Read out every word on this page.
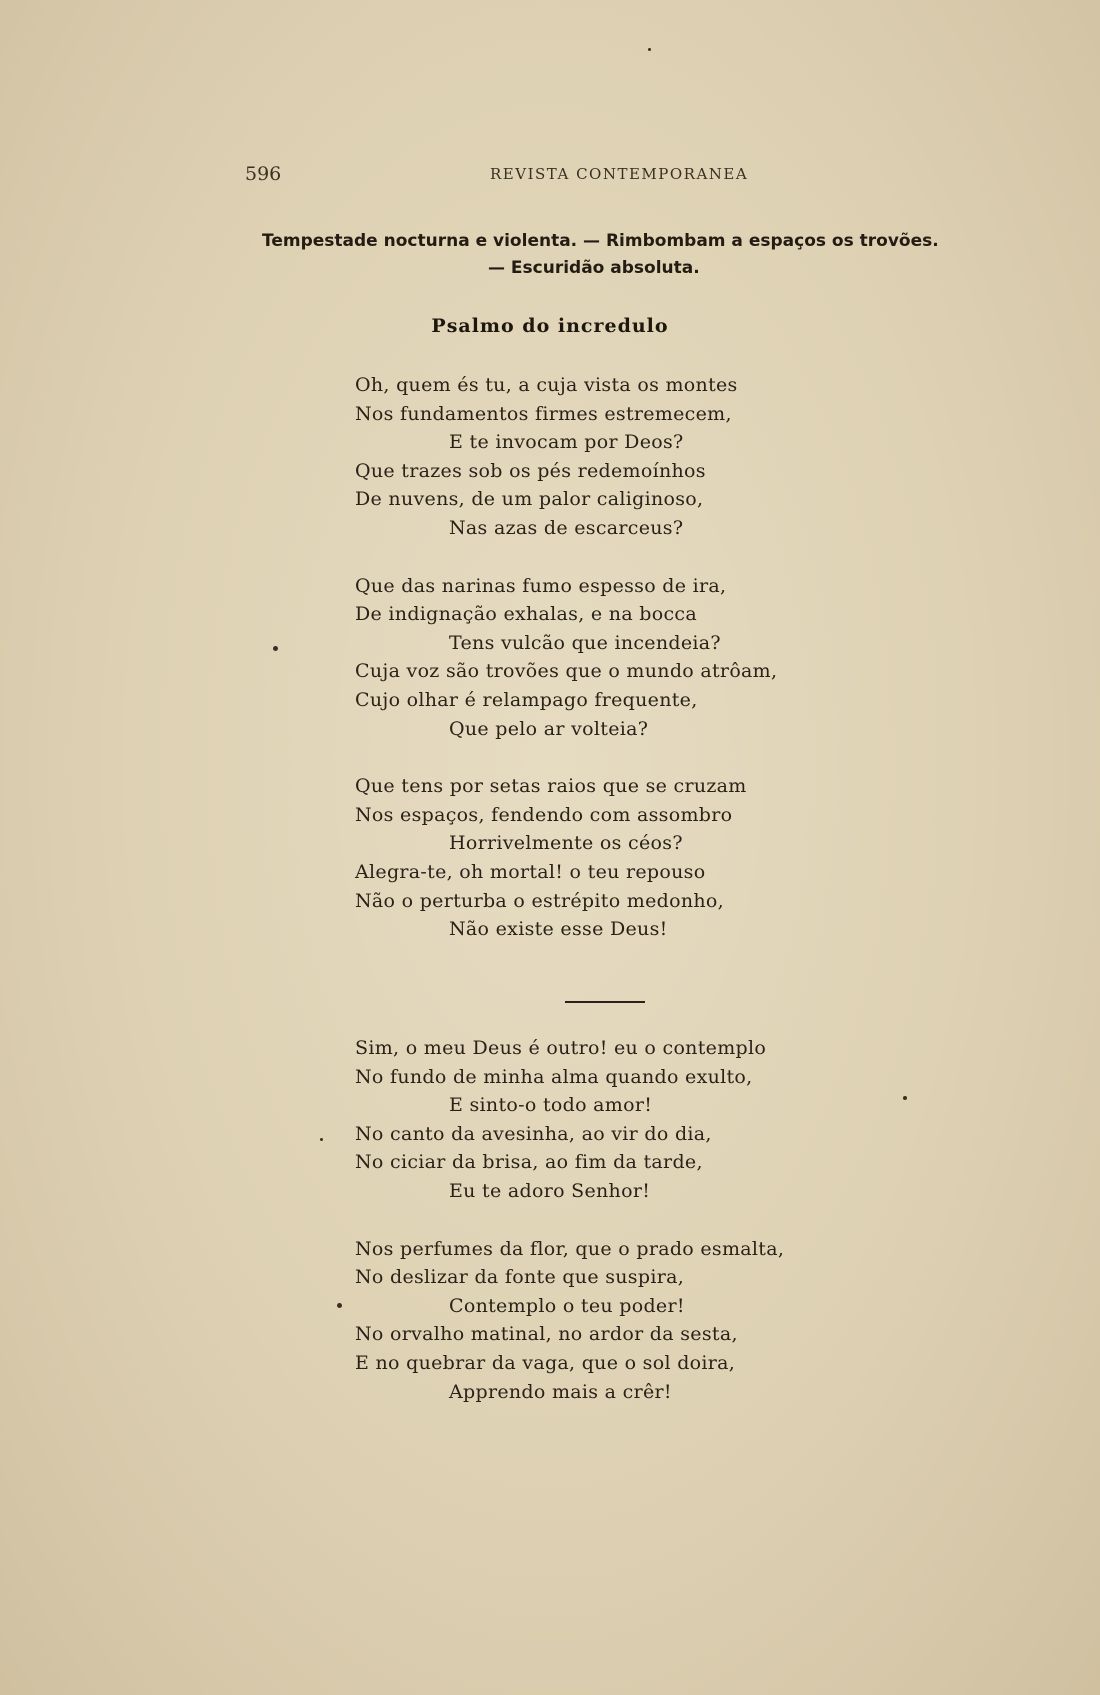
596	REVISTA CONTEMPORANEA
Tempestade nocturna e violenta. — Rimbombam a espaços os trovões.
— Escuridão absoluta.
Psalmo do incredulo
Oh, quem és tu, a cuja vista os montes
Nos fundamentos firmes estremecem,
E te invocam por Deos?
Que trazes sob os pés redemoínhos
De nuvens, de um palor caliginoso,
Nas azas de escarceus?
Que das narinas fumo espesso de ira,
De indignação exhalas, e na bocca
Tens vulcão que incendeia?
Cuja voz são trovões que o mundo atrôam,
Cujo olhar é relampago frequente,
Que pelo ar volteia?
Que tens por setas raios que se cruzam
Nos espaços, fendendo com assombro
Horrivelmente os céos?
Alegra-te, oh mortal! o teu repouso
Não o perturba o estrépito medonho,
Não existe esse Deus!
Sim, o meu Deus é outro! eu o contemplo
No fundo de minha alma quando exulto,
E sinto-o todo amor!
No canto da avesinha, ao vir do dia,
No ciciar da brisa, ao fim da tarde,
Eu te adoro Senhor!
Nos perfumes da flor, que o prado esmalta,
No deslizar da fonte que suspira,
Contemplo o teu poder!
No orvalho matinal, no ardor da sesta,
E no quebrar da vaga, que o sol doira,
Apprendo mais a crêr!
